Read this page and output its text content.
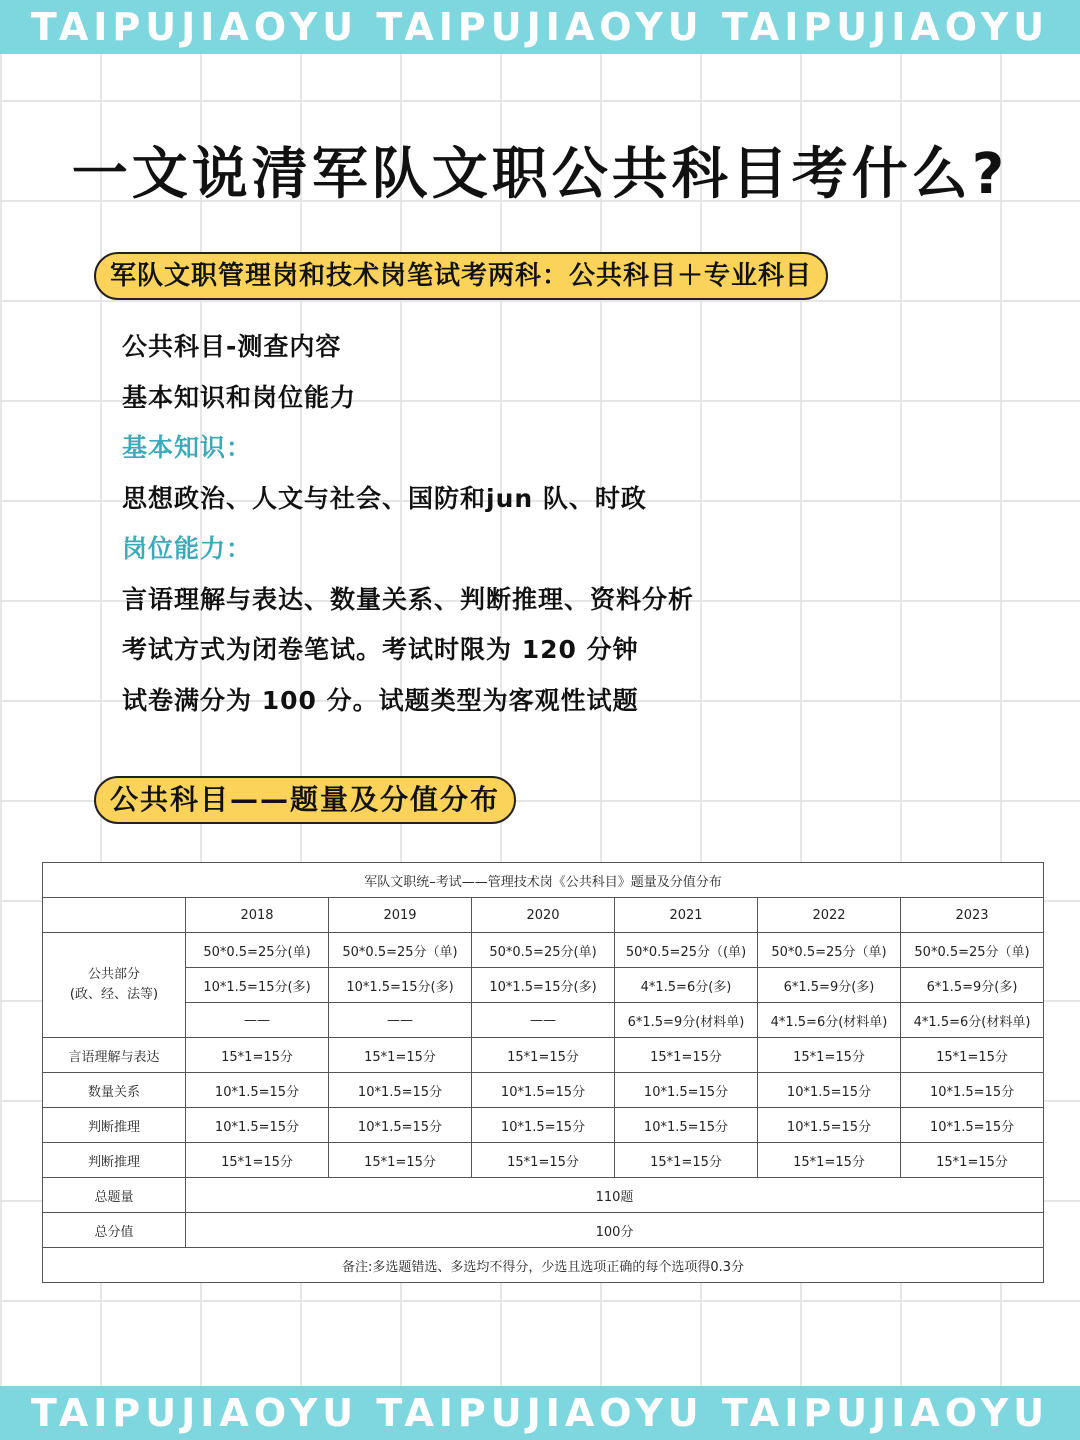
TAIPUJIAOYU TAIPUJIAOYU TAIPUJIAOYU
一文说清军队文职公共科目考什么?
军队文职管理岗和技术岗笔试考两科：公共科目＋专业科目
公共科目-测查内容
基本知识和岗位能力
基本知识：
思想政治、人文与社会、国防和jun 队、时政
岗位能力：
言语理解与表达、数量关系、判断推理、资料分析
考试方式为闭卷笔试。考试时限为 120 分钟
试卷满分为 100 分。试题类型为客观性试题
公共科目——题量及分值分布
军队文职统–考试——管理技术岗《公共科目》题量及分值分布						
	2018	2019	2020	2021	2022	2023

公共部分
(政、经、法等)	50*0.5=25分(单)	50*0.5=25分（单)	50*0.5=25分(单)	50*0.5=25分（(单)	50*0.5=25分（单)	50*0.5=25分（单)
	10*1.5=15分(多)	10*1.5=15分(多)	10*1.5=15分(多)	4*1.5=6分(多)	6*1.5=9分(多)	6*1.5=9分(多)
	——	——	——	6*1.5=9分(材料单)	4*1.5=6分(材料单)	4*1.5=6分(材料单)
言语理解与表达	15*1=15分	15*1=15分	15*1=15分	15*1=15分	15*1=15分	15*1=15分
数量关系	10*1.5=15分	10*1.5=15分	10*1.5=15分	10*1.5=15分	10*1.5=15分	10*1.5=15分
判断推理	10*1.5=15分	10*1.5=15分	10*1.5=15分	10*1.5=15分	10*1.5=15分	10*1.5=15分
判断推理	15*1=15分	15*1=15分	15*1=15分	15*1=15分	15*1=15分	15*1=15分
总题量	110题					
总分值	100分					
备注:多选题错选、多选均不得分，少选且选项正确的每个选项得0.3分						
TAIPUJIAOYU TAIPUJIAOYU TAIPUJIAOYU
